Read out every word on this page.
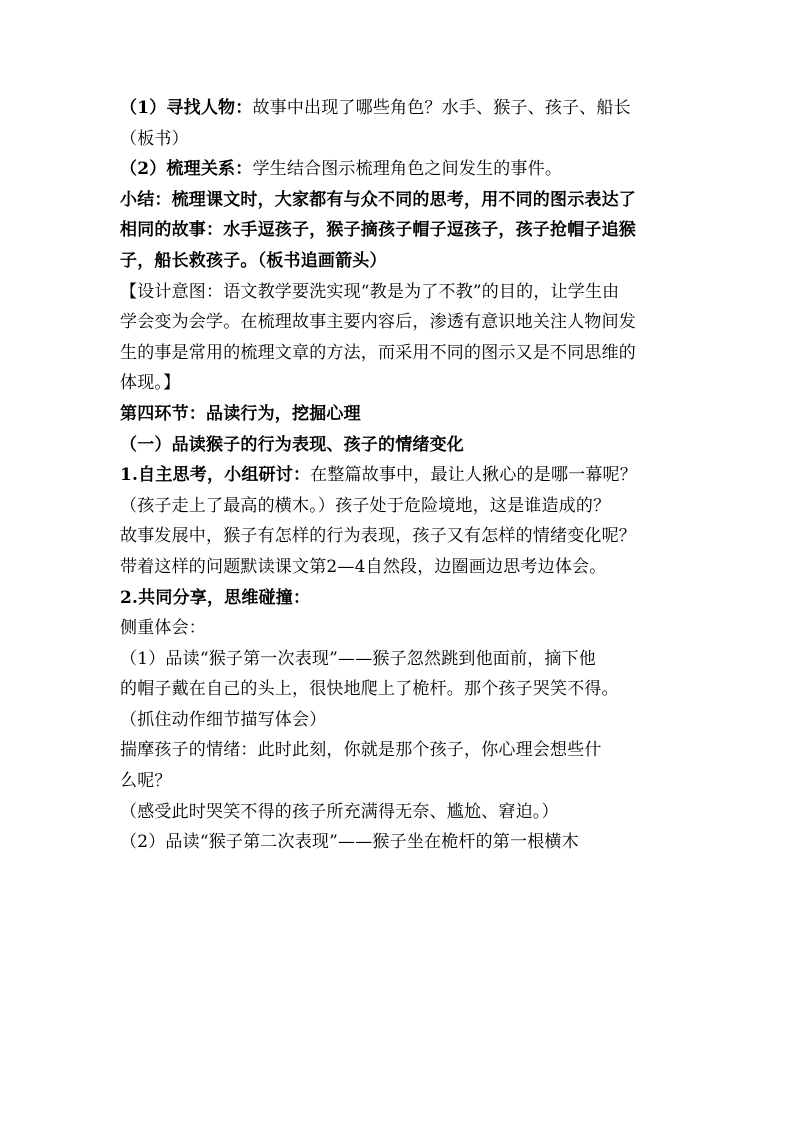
（1）寻找人物：故事中出现了哪些角色？水手、猴子、孩子、船长
（板书）
（2）梳理关系：学生结合图示梳理角色之间发生的事件。
小结：梳理课文时，大家都有与众不同的思考，用不同的图示表达了
相同的故事：水手逗孩子，猴子摘孩子帽子逗孩子，孩子抢帽子追猴
子，船长救孩子。（板书追画箭头）
【设计意图：语文教学要洗实现“教是为了不教”的目的，让学生由
学会变为会学。在梳理故事主要内容后，渗透有意识地关注人物间发
生的事是常用的梳理文章的方法，而采用不同的图示又是不同思维的
体现。】
第四环节：品读行为，挖掘心理
（一）品读猴子的行为表现、孩子的情绪变化
1.自主思考，小组研讨：在整篇故事中，最让人揪心的是哪一幕呢？
（孩子走上了最高的横木。）孩子处于危险境地，这是谁造成的？
故事发展中，猴子有怎样的行为表现，孩子又有怎样的情绪变化呢？
带着这样的问题默读课文第2—4自然段，边圈画边思考边体会。
2.共同分享，思维碰撞：
侧重体会：
（1）品读“猴子第一次表现”——猴子忽然跳到他面前，摘下他
的帽子戴在自己的头上，很快地爬上了桅杆。那个孩子哭笑不得。
（抓住动作细节描写体会）
揣摩孩子的情绪：此时此刻，你就是那个孩子，你心理会想些什
么呢？
（感受此时哭笑不得的孩子所充满得无奈、尴尬、窘迫。）
（2）品读“猴子第二次表现”——猴子坐在桅杆的第一根横木
